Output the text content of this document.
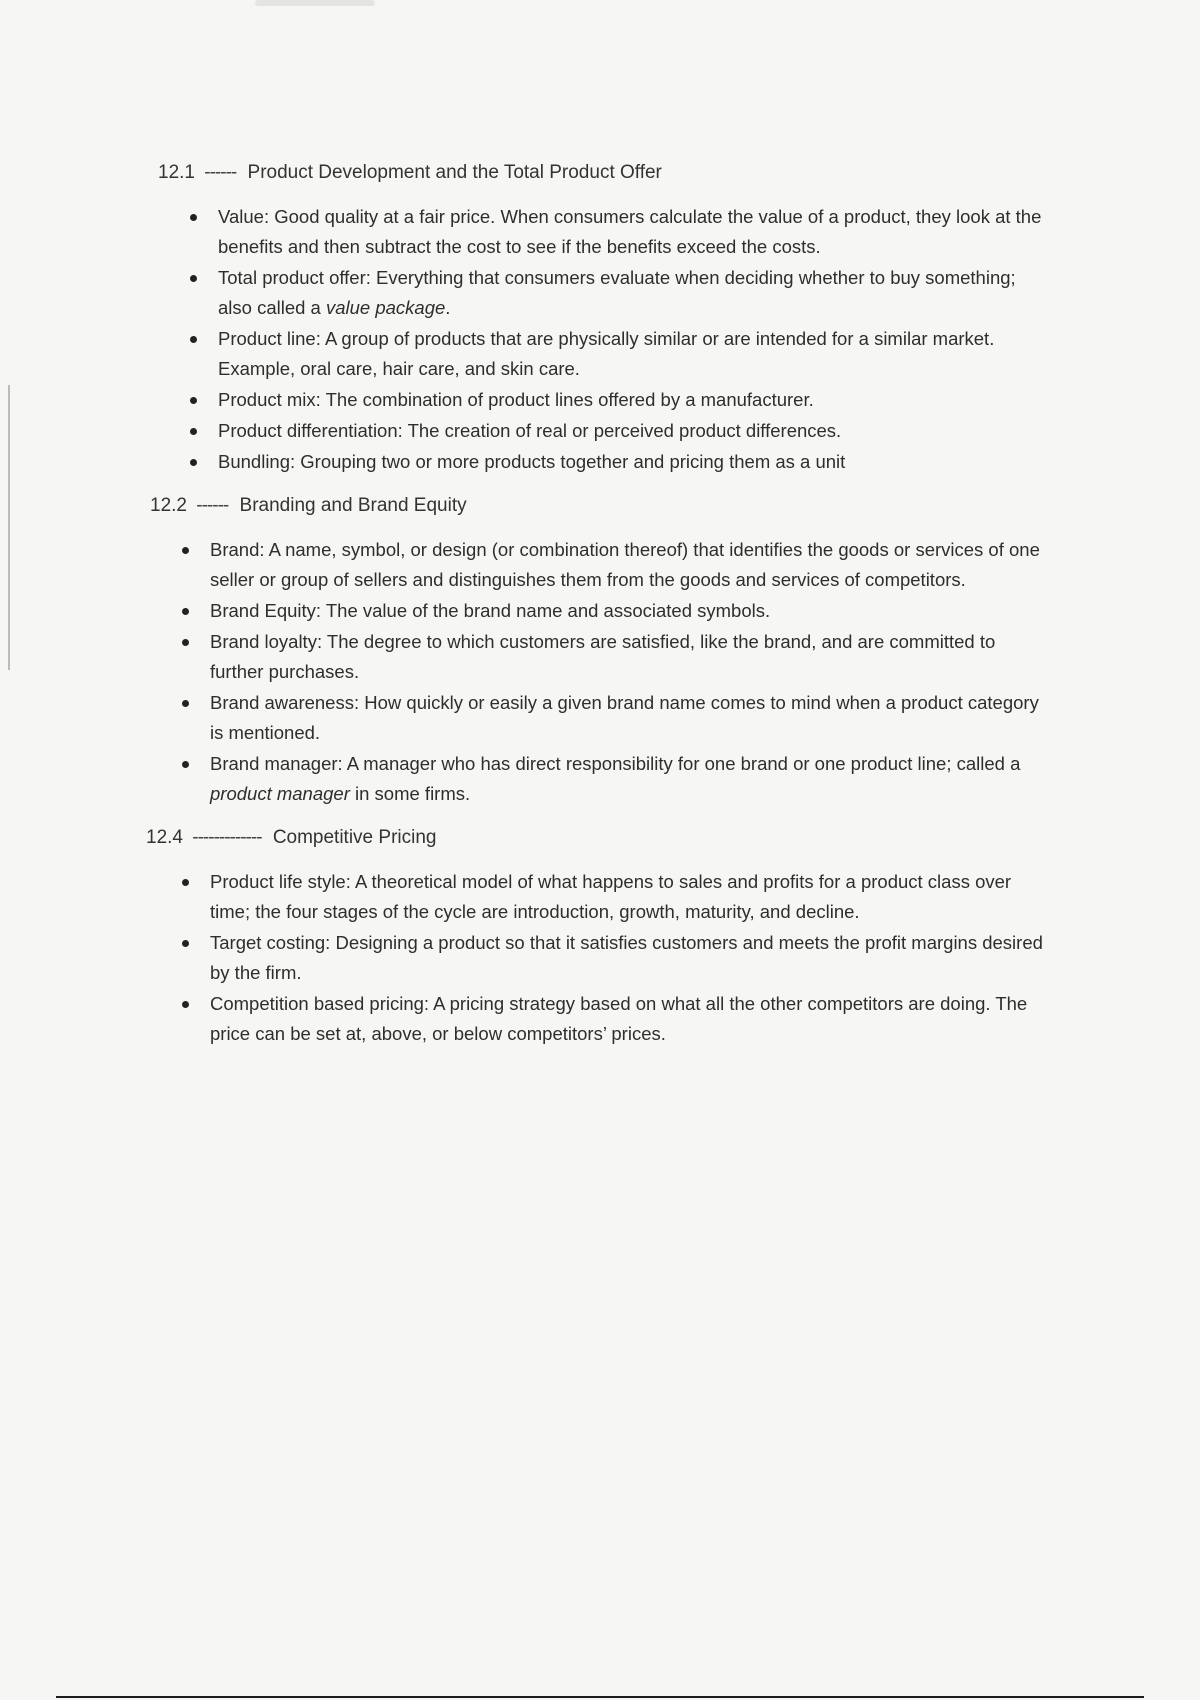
12.1 ------ Product Development and the Total Product Offer
Value: Good quality at a fair price. When consumers calculate the value of a product, they look at the benefits and then subtract the cost to see if the benefits exceed the costs.
Total product offer: Everything that consumers evaluate when deciding whether to buy something; also called a value package.
Product line: A group of products that are physically similar or are intended for a similar market. Example, oral care, hair care, and skin care.
Product mix: The combination of product lines offered by a manufacturer.
Product differentiation: The creation of real or perceived product differences.
Bundling: Grouping two or more products together and pricing them as a unit
12.2 ------ Branding and Brand Equity
Brand: A name, symbol, or design (or combination thereof) that identifies the goods or services of one seller or group of sellers and distinguishes them from the goods and services of competitors.
Brand Equity: The value of the brand name and associated symbols.
Brand loyalty: The degree to which customers are satisfied, like the brand, and are committed to further purchases.
Brand awareness: How quickly or easily a given brand name comes to mind when a product category is mentioned.
Brand manager: A manager who has direct responsibility for one brand or one product line; called a product manager in some firms.
12.4 ------------- Competitive Pricing
Product life style: A theoretical model of what happens to sales and profits for a product class over time; the four stages of the cycle are introduction, growth, maturity, and decline.
Target costing: Designing a product so that it satisfies customers and meets the profit margins desired by the firm.
Competition based pricing: A pricing strategy based on what all the other competitors are doing. The price can be set at, above, or below competitors’ prices.
